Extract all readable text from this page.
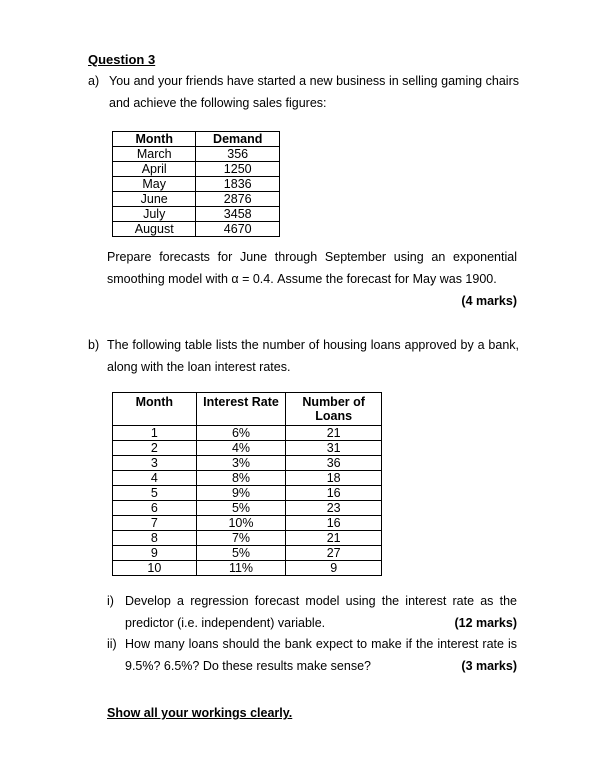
Question 3
a) You and your friends have started a new business in selling gaming chairs
and achieve the following sales figures:
Month	Demand
March	356
April	1250
May	1836
June	2876
July	3458
August	4670
Prepare forecasts for June through September using an exponential
smoothing model with α = 0.4. Assume the forecast for May was 1900.
(4 marks)
b) The following table lists the number of housing loans approved by a bank,
along with the loan interest rates.
Month	Interest Rate	Number of Loans
1	6%	21
2	4%	31
3	3%	36
4	8%	18
5	9%	16
6	5%	23
7	10%	16
8	7%	21
9	5%	27
10	11%	9
i) Develop a regression forecast model using the interest rate as the
predictor (i.e. independent) variable.	(12 marks)
ii) How many loans should the bank expect to make if the interest rate is
9.5%? 6.5%? Do these results make sense?	(3 marks)
Show all your workings clearly.
